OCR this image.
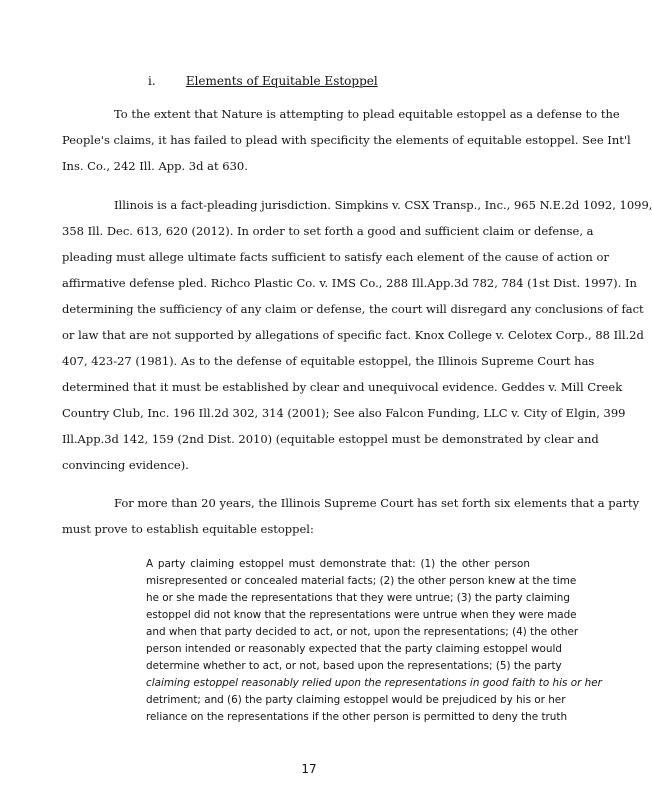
i.	Elements of Equitable Estoppel
To the extent that Nature is attempting to plead equitable estoppel as a defense to the
People's claims, it has failed to plead with specificity the elements of equitable estoppel. See Int'l
Ins. Co., 242 Ill. App. 3d at 630.
Illinois is a fact-pleading jurisdiction. Simpkins v. CSX Transp., Inc., 965 N.E.2d 1092, 1099,
358 Ill. Dec. 613, 620 (2012). In order to set forth a good and sufficient claim or defense, a
pleading must allege ultimate facts sufficient to satisfy each element of the cause of action or
affirmative defense pled. Richco Plastic Co. v. IMS Co., 288 Ill.App.3d 782, 784 (1st Dist. 1997). In
determining the sufficiency of any claim or defense, the court will disregard any conclusions of fact
or law that are not supported by allegations of specific fact. Knox College v. Celotex Corp., 88 Ill.2d
407, 423-27 (1981). As to the defense of equitable estoppel, the Illinois Supreme Court has
determined that it must be established by clear and unequivocal evidence. Geddes v. Mill Creek
Country Club, Inc. 196 Ill.2d 302, 314 (2001); See also Falcon Funding, LLC v. City of Elgin, 399
Ill.App.3d 142, 159 (2nd Dist. 2010) (equitable estoppel must be demonstrated by clear and
convincing evidence).
For more than 20 years, the Illinois Supreme Court has set forth six elements that a party
must prove to establish equitable estoppel:
A party claiming estoppel must demonstrate that: (1) the other person
misrepresented or concealed material facts; (2) the other person knew at the time
he or she made the representations that they were untrue; (3) the party claiming
estoppel did not know that the representations were untrue when they were made
and when that party decided to act, or not, upon the representations; (4) the other
person intended or reasonably expected that the party claiming estoppel would
determine whether to act, or not, based upon the representations; (5) the party
claiming estoppel reasonably relied upon the representations in good faith to his or her
detriment; and (6) the party claiming estoppel would be prejudiced by his or her
reliance on the representations if the other person is permitted to deny the truth
17
